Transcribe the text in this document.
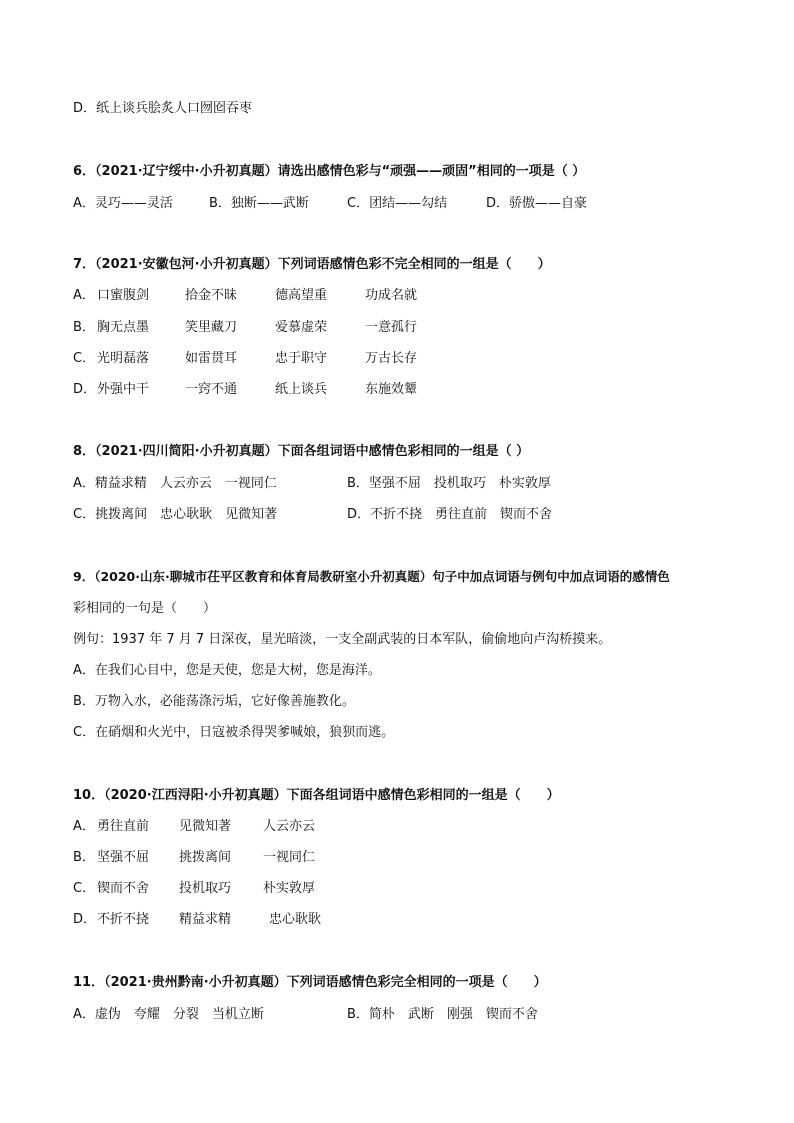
D．纸上谈兵脍炙人口囫囵吞枣
6．（2021·辽宁绥中·小升初真题）请选出感情色彩与“顽强——顽固”相同的一项是（ ）
A．灵巧——灵活	B．独断——武断	C．团结——勾结	D．骄傲——自豪
7．（2021·安徽包河·小升初真题）下列词语感情色彩不完全相同的一组是（　　）
A． 口蜜腹剑	拾金不昧	德高望重	功成名就
B． 胸无点墨	笑里藏刀	爱慕虚荣	一意孤行
C． 光明磊落	如雷贯耳	忠于职守	万古长存
D． 外强中干	一窍不通	纸上谈兵	东施效颦
8．（2021·四川简阳·小升初真题）下面各组词语中感情色彩相同的一组是（ ）
A．精益求精　人云亦云　一视同仁	B．坚强不屈　投机取巧　朴实敦厚
C．挑拨离间　忠心耿耿　见微知著	D．不折不挠　勇往直前　锲而不舍
9．（2020·山东·聊城市茌平区教育和体育局教研室小升初真题）句子中加点词语与例句中加点词语的感情色
彩相同的一句是（　　）
例句：1937 年 7 月 7 日深夜，星光暗淡，一支全副武装的日本军队，偷偷地向卢沟桥摸来。
A．在我们心目中，您是天使，您是大树，您是海洋。
B．万物入水，必能荡涤污垢，它好像善施教化。
C．在硝烟和火光中，日寇被杀得哭爹喊娘，狼狈而逃。
10．（2020·江西浔阳·小升初真题）下面各组词语中感情色彩相同的一组是（　　）
A． 勇往直前 见微知著 人云亦云
B． 坚强不屈 挑拨离间 一视同仁
C． 锲而不舍 投机取巧 朴实敦厚
D． 不折不挠 精益求精	忠心耿耿
11．（2021·贵州黔南·小升初真题）下列词语感情色彩完全相同的一项是（　　）
A．虚伪　夸耀　分裂　当机立断	B．简朴　武断　刚强　锲而不舍
